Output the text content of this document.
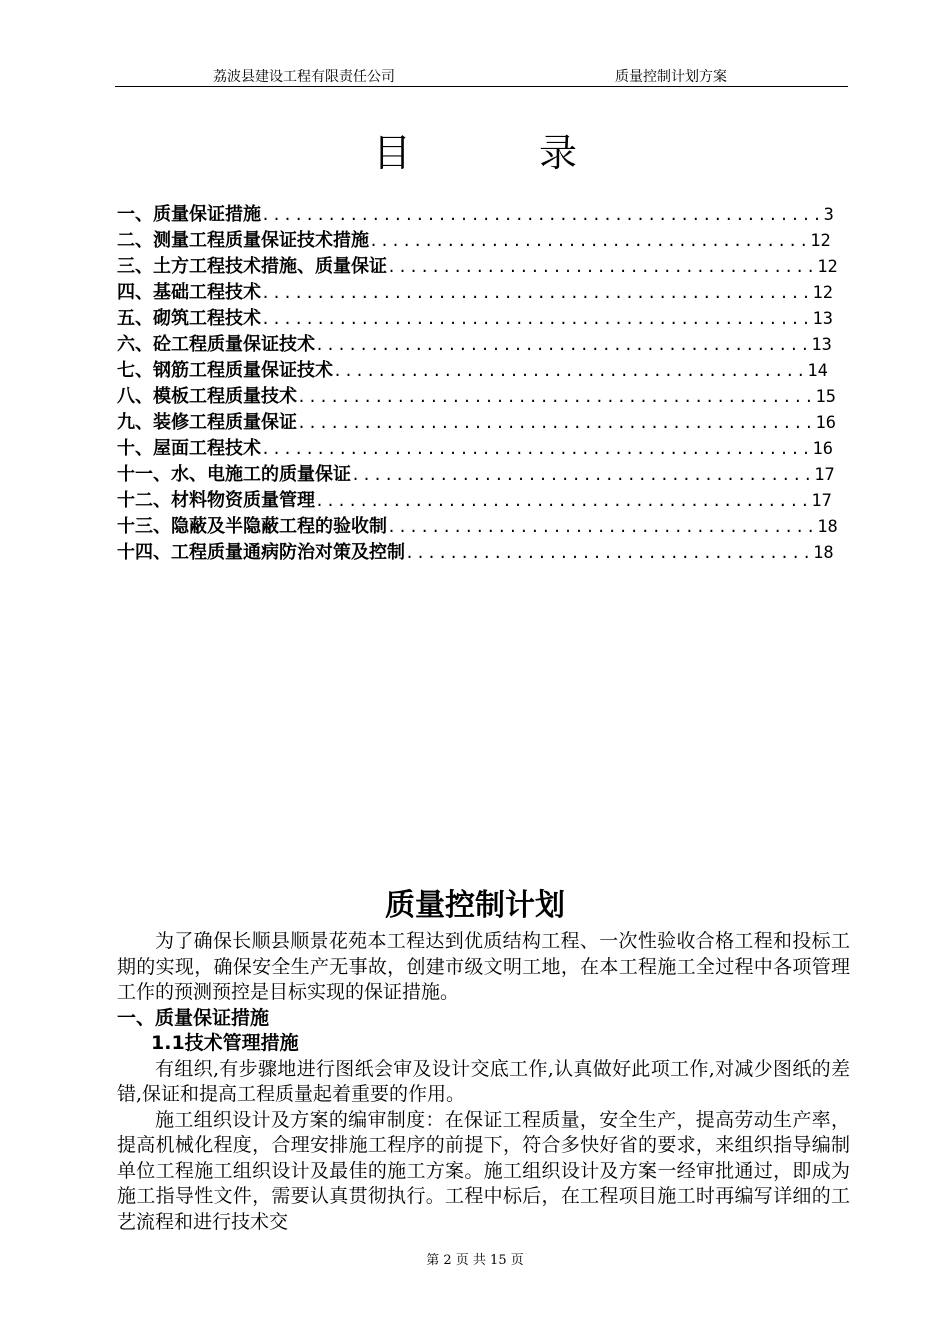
荔波县建设工程有限责任公司	质量控制计划方案
目 录
一、质量保证措施...................................................3
二、测量工程质量保证技术措施........................................12
三、土方工程技术措施、质量保证.......................................12
四、基础工程技术..................................................12
五、砌筑工程技术..................................................13
六、砼工程质量保证技术.............................................13
七、钢筋工程质量保证技术...........................................14
八、模板工程质量技术...............................................15
九、装修工程质量保证...............................................16
十、屋面工程技术..................................................16
十一、水、电施工的质量保证..........................................17
十二、材料物资质量管理.............................................17
十三、隐蔽及半隐蔽工程的验收制.......................................18
十四、工程质量通病防治对策及控制.....................................18
质量控制计划

为了确保长顺县顺景花苑本工程达到优质结构工程、一次性验收合格工程和投标工期的实现，确保安全生产无事故，创建市级文明工地，在本工程施工全过程中各项管理工作的预测预控是目标实现的保证措施。

一、质量保证措施

1.1技术管理措施

有组织,有步骤地进行图纸会审及设计交底工作,认真做好此项工作,对减少图纸的差错,保证和提高工程质量起着重要的作用。

施工组织设计及方案的编审制度：在保证工程质量，安全生产，提高劳动生产率，提高机械化程度，合理安排施工程序的前提下，符合多快好省的要求，来组织指导编制单位工程施工组织设计及最佳的施工方案。施工组织设计及方案一经审批通过，即成为施工指导性文件，需要认真贯彻执行。工程中标后，在工程项目施工时再编写详细的工艺流程和进行技术交

第 2 页 共 15 页
